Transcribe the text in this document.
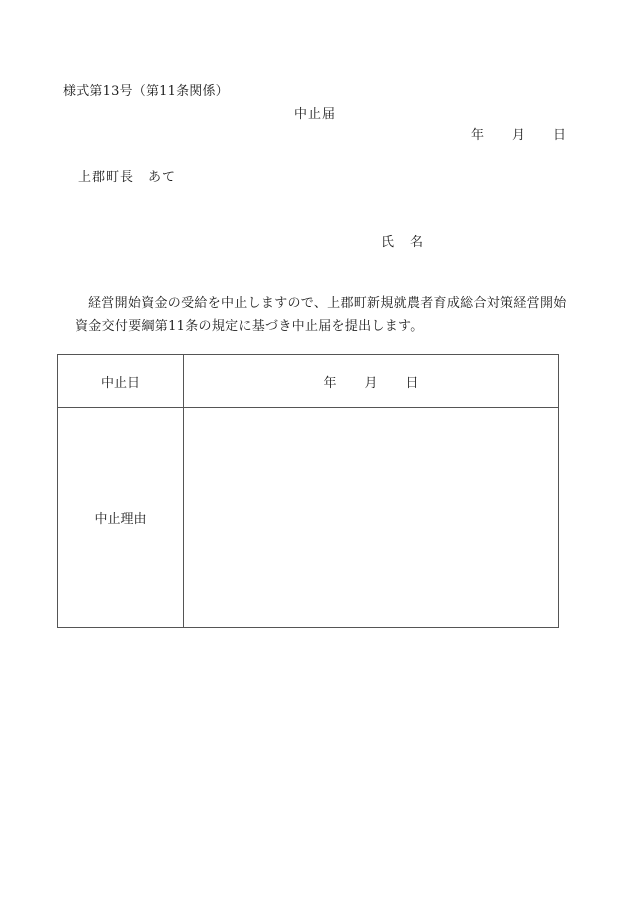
様式第13号（第11条関係）
中止届
年 月 日
上郡町長 あて
氏 名
経営開始資金の受給を中止しますので、上郡町新規就農者育成総合対策経営開始資金交付要綱第11条の規定に基づき中止届を提出します。
中止日	年 月 日
中止理由	
